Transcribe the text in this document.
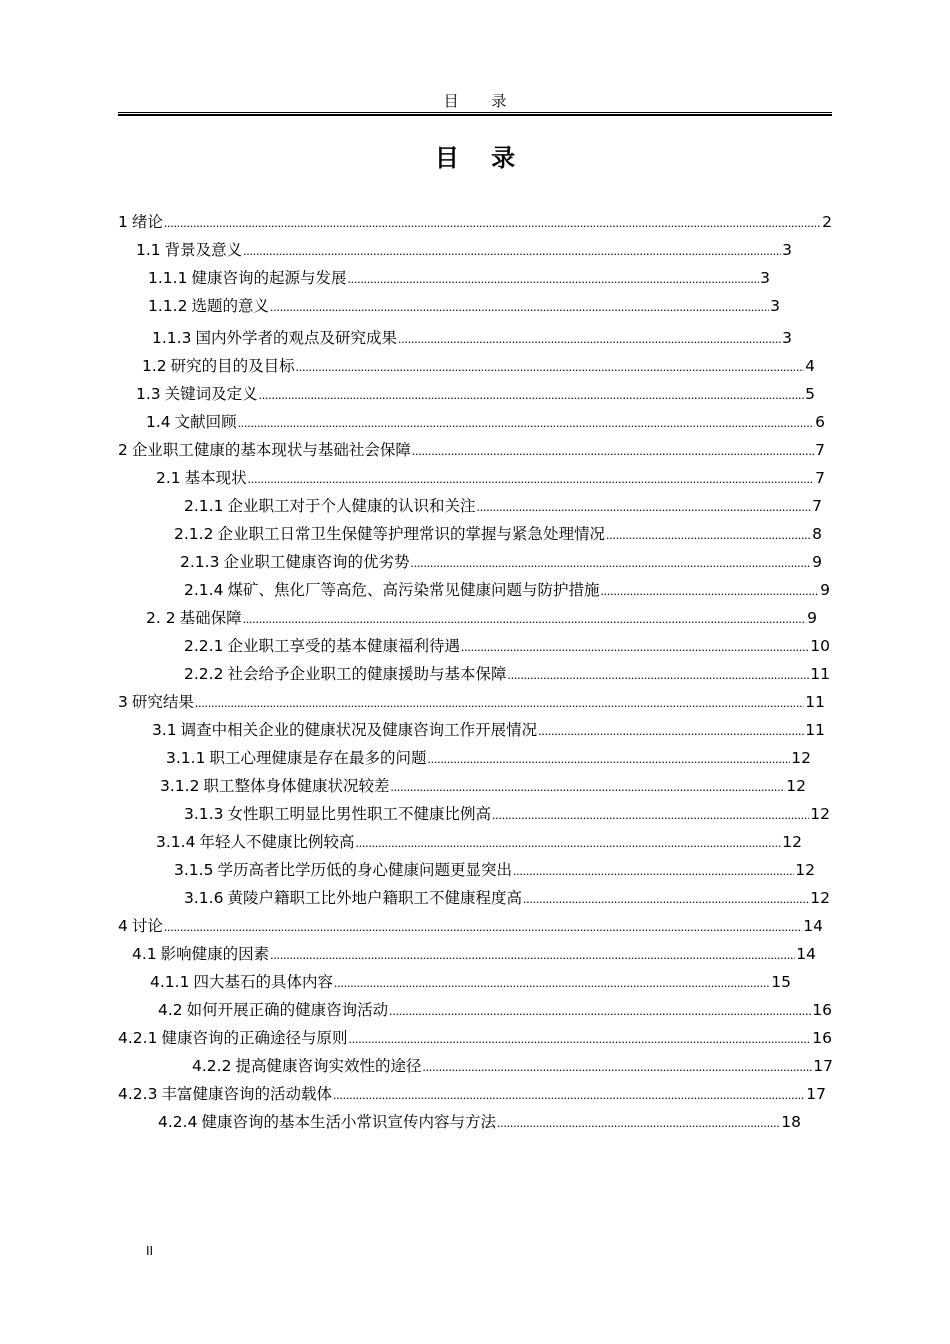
目 录
目 录
1 绪论 .....	2
1.1 背景及意义 .....	3
1.1.1 健康咨询的起源与发展 .....	3
1.1.2 选题的意义 .....	3
1.1.3 国内外学者的观点及研究成果 .....	3
1.2 研究的目的及目标 .....	4
1.3 关键词及定义 .....	5
1.4 文献回顾 .....	6
2 企业职工健康的基本现状与基础社会保障 .....	7
2.1 基本现状 .....	7
2.1.1 企业职工对于个人健康的认识和关注 .....	7
2.1.2 企业职工日常卫生保健等护理常识的掌握与紧急处理情况 .....	8
2.1.3 企业职工健康咨询的优劣势 .....	9
2.1.4 煤矿、焦化厂等高危、高污染常见健康问题与防护措施 .....	9
2. 2 基础保障 .....	9
2.2.1 企业职工享受的基本健康福利待遇 .....	10
2.2.2 社会给予企业职工的健康援助与基本保障 .....	11
3 研究结果 .....	11
3.1 调查中相关企业的健康状况及健康咨询工作开展情况 .....	11
3.1.1 职工心理健康是存在最多的问题 .....	12
3.1.2 职工整体身体健康状况较差 .....	12
3.1.3 女性职工明显比男性职工不健康比例高 .....	12
3.1.4 年轻人不健康比例较高 .....	12
3.1.5 学历高者比学历低的身心健康问题更显突出 .....	12
3.1.6 黄陵户籍职工比外地户籍职工不健康程度高 .....	12
4 讨论 .....	14
4.1 影响健康的因素 .....	14
4.1.1 四大基石的具体内容 .....	15
4.2 如何开展正确的健康咨询活动 .....	16
4.2.1 健康咨询的正确途径与原则 .....	16
4.2.2 提高健康咨询实效性的途径 .....	17
4.2.3 丰富健康咨询的活动载体 .....	17
4.2.4 健康咨询的基本生活小常识宣传内容与方法 .....	18
II
